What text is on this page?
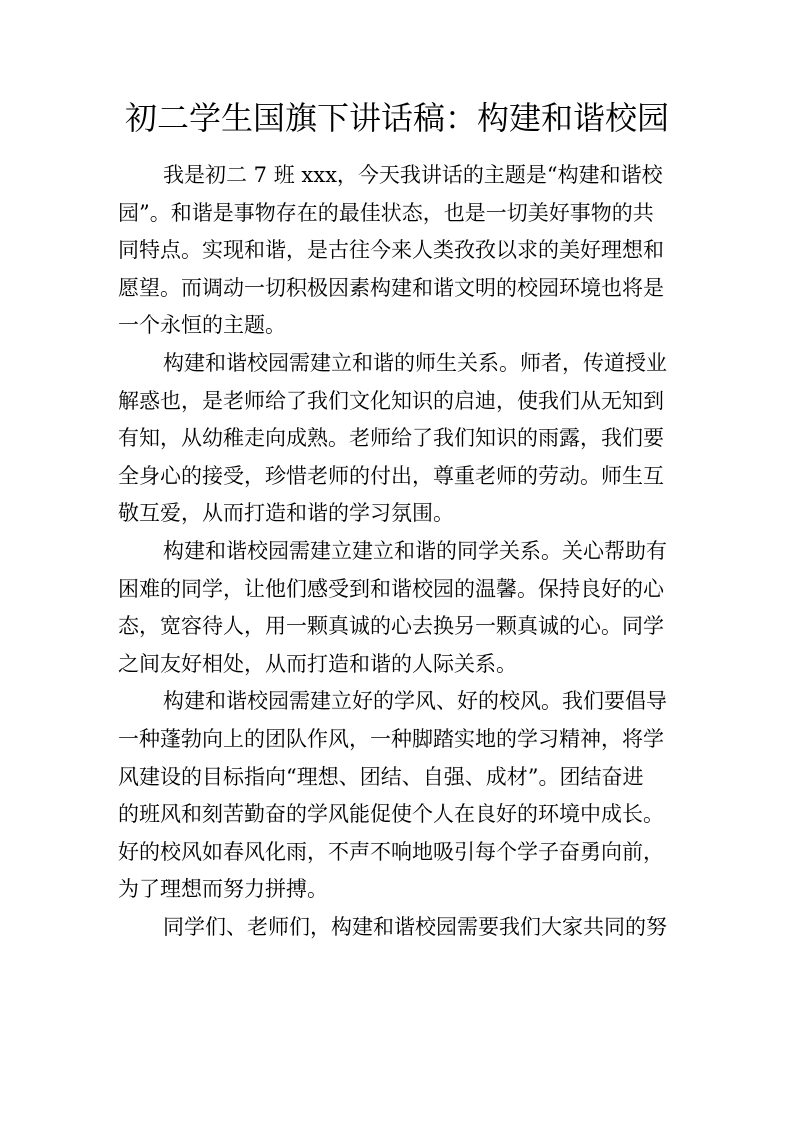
初二学生国旗下讲话稿：构建和谐校园

我是初二 7 班 xxx，今天我讲话的主题是“构建和谐校
园”。和谐是事物存在的最佳状态，也是一切美好事物的共
同特点。实现和谐，是古往今来人类孜孜以求的美好理想和
愿望。而调动一切积极因素构建和谐文明的校园环境也将是
一个永恒的主题。

构建和谐校园需建立和谐的师生关系。师者，传道授业
解惑也，是老师给了我们文化知识的启迪，使我们从无知到
有知，从幼稚走向成熟。老师给了我们知识的雨露，我们要
全身心的接受，珍惜老师的付出，尊重老师的劳动。师生互
敬互爱，从而打造和谐的学习氛围。

构建和谐校园需建立建立和谐的同学关系。关心帮助有
困难的同学，让他们感受到和谐校园的温馨。保持良好的心
态，宽容待人，用一颗真诚的心去换另一颗真诚的心。同学
之间友好相处，从而打造和谐的人际关系。

构建和谐校园需建立好的学风、好的校风。我们要倡导
一种蓬勃向上的团队作风，一种脚踏实地的学习精神，将学
风建设的目标指向“理想、团结、自强、成材”。团结奋进
的班风和刻苦勤奋的学风能促使个人在良好的环境中成长。
好的校风如春风化雨，不声不响地吸引每个学子奋勇向前，
为了理想而努力拼搏。

同学们、老师们，构建和谐校园需要我们大家共同的努
